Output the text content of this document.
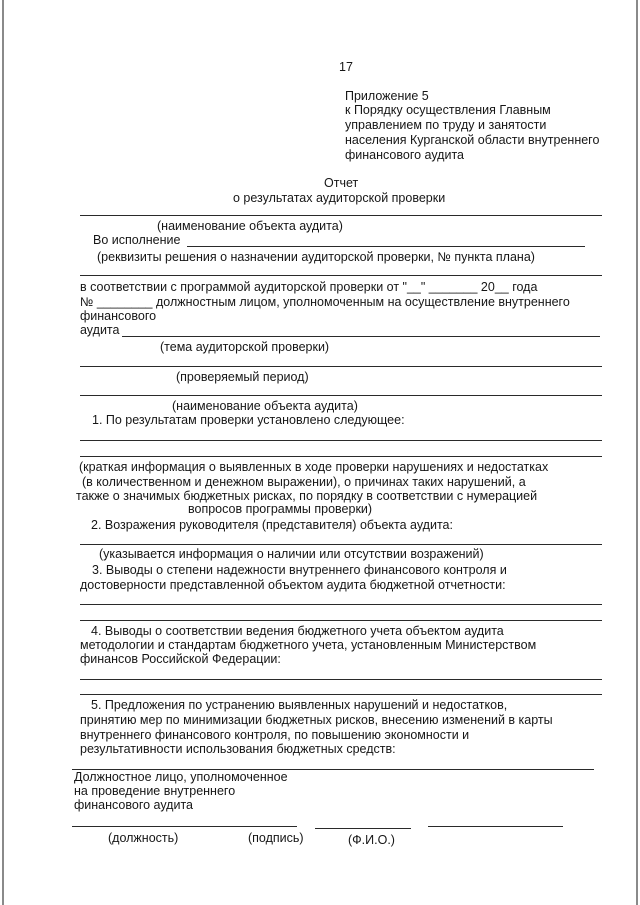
17
Приложение 5
к Порядку осуществления Главным
управлением по труду и занятости
населения Курганской области внутреннего
финансового аудита
Отчет
о результатах аудиторской проверки
(наименование объекта аудита)
Во исполнение
(реквизиты решения о назначении аудиторской проверки, № пункта плана)
в соответствии с программой аудиторской проверки от "__" _______ 20__ года
№ ________ должностным лицом, уполномоченным на осуществление внутреннего
финансового
аудита
(тема аудиторской проверки)
(проверяемый период)
(наименование объекта аудита)
1. По результатам проверки установлено следующее:
(краткая информация о выявленных в ходе проверки нарушениях и недостатках
(в количественном и денежном выражении), о причинах таких нарушений, а
также о значимых бюджетных рисках, по порядку в соответствии с нумерацией
вопросов программы проверки)
2. Возражения руководителя (представителя) объекта аудита:
(указывается информация о наличии или отсутствии возражений)
3. Выводы о степени надежности внутреннего финансового контроля и
достоверности представленной объектом аудита бюджетной отчетности:
4. Выводы о соответствии ведения бюджетного учета объектом аудита
методологии и стандартам бюджетного учета, установленным Министерством
финансов Российской Федерации:
5. Предложения по устранению выявленных нарушений и недостатков,
принятию мер по минимизации бюджетных рисков, внесению изменений в карты
внутреннего финансового контроля, по повышению экономности и
результативности использования бюджетных средств:
Должностное лицо, уполномоченное
на проведение внутреннего
финансового аудита
(должность)	(подпись)	(Ф.И.О.)
